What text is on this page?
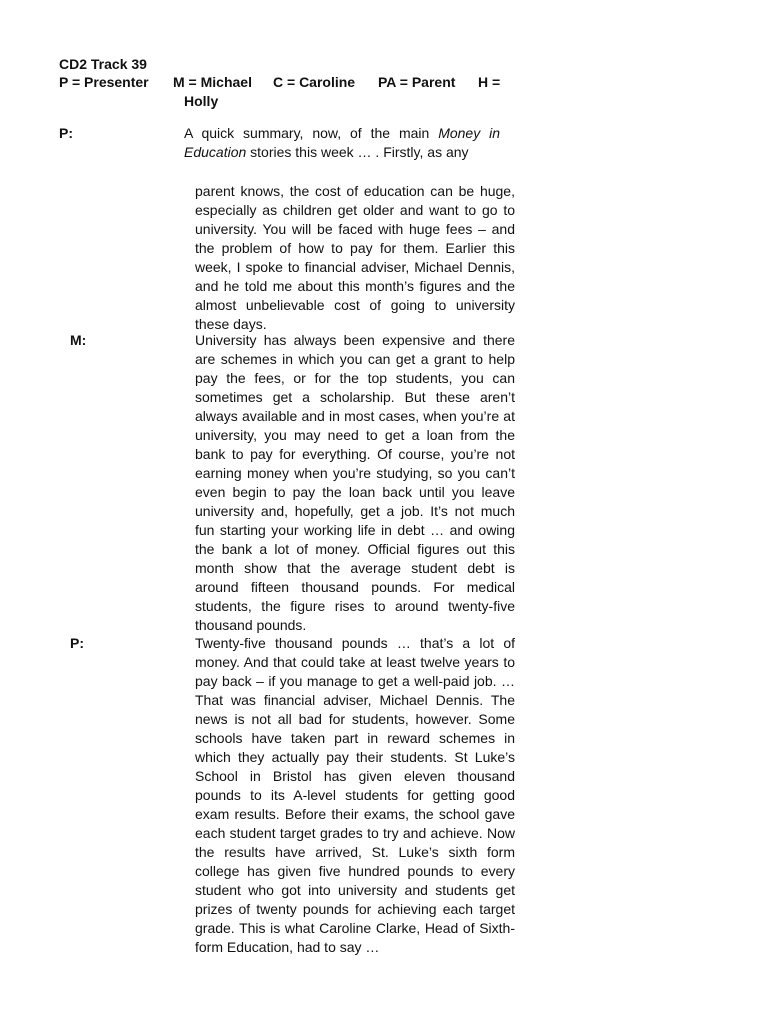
CD2 Track 39
P = Presenter M = Michael C = Caroline PA = Parent H =
Holly
P:	A quick summary, now, of the main Money in Education stories this week … . Firstly, as any

parent knows, the cost of education can be huge, especially as children get older and want to go to university. You will be faced with huge fees – and the problem of how to pay for them. Earlier this week, I spoke to financial adviser, Michael Dennis, and he told me about this month’s figures and the almost unbelievable cost of going to university these days.

M:	University has always been expensive and there are schemes in which you can get a grant to help pay the fees, or for the top students, you can sometimes get a scholarship. But these aren’t always available and in most cases, when you’re at university, you may need to get a loan from the bank to pay for everything. Of course, you’re not earning money when you’re studying, so you can’t even begin to pay the loan back until you leave university and, hopefully, get a job. It’s not much fun starting your working life in debt … and owing the bank a lot of money. Official figures out this month show that the average student debt is around fifteen thousand pounds. For medical students, the figure rises to around twenty-five thousand pounds.

P:	Twenty-five thousand pounds … that’s a lot of money. And that could take at least twelve years to pay back – if you manage to get a well-paid job. … That was financial adviser, Michael Dennis. The news is not all bad for students, however. Some schools have taken part in reward schemes in which they actually pay their students. St Luke’s School in Bristol has given eleven thousand pounds to its A-level students for getting good exam results. Before their exams, the school gave each student target grades to try and achieve. Now the results have arrived, St. Luke’s sixth form college has given five hundred pounds to every student who got into university and students get prizes of twenty pounds for achieving each target grade. This is what Caroline Clarke, Head of Sixth-form Education, had to say …
